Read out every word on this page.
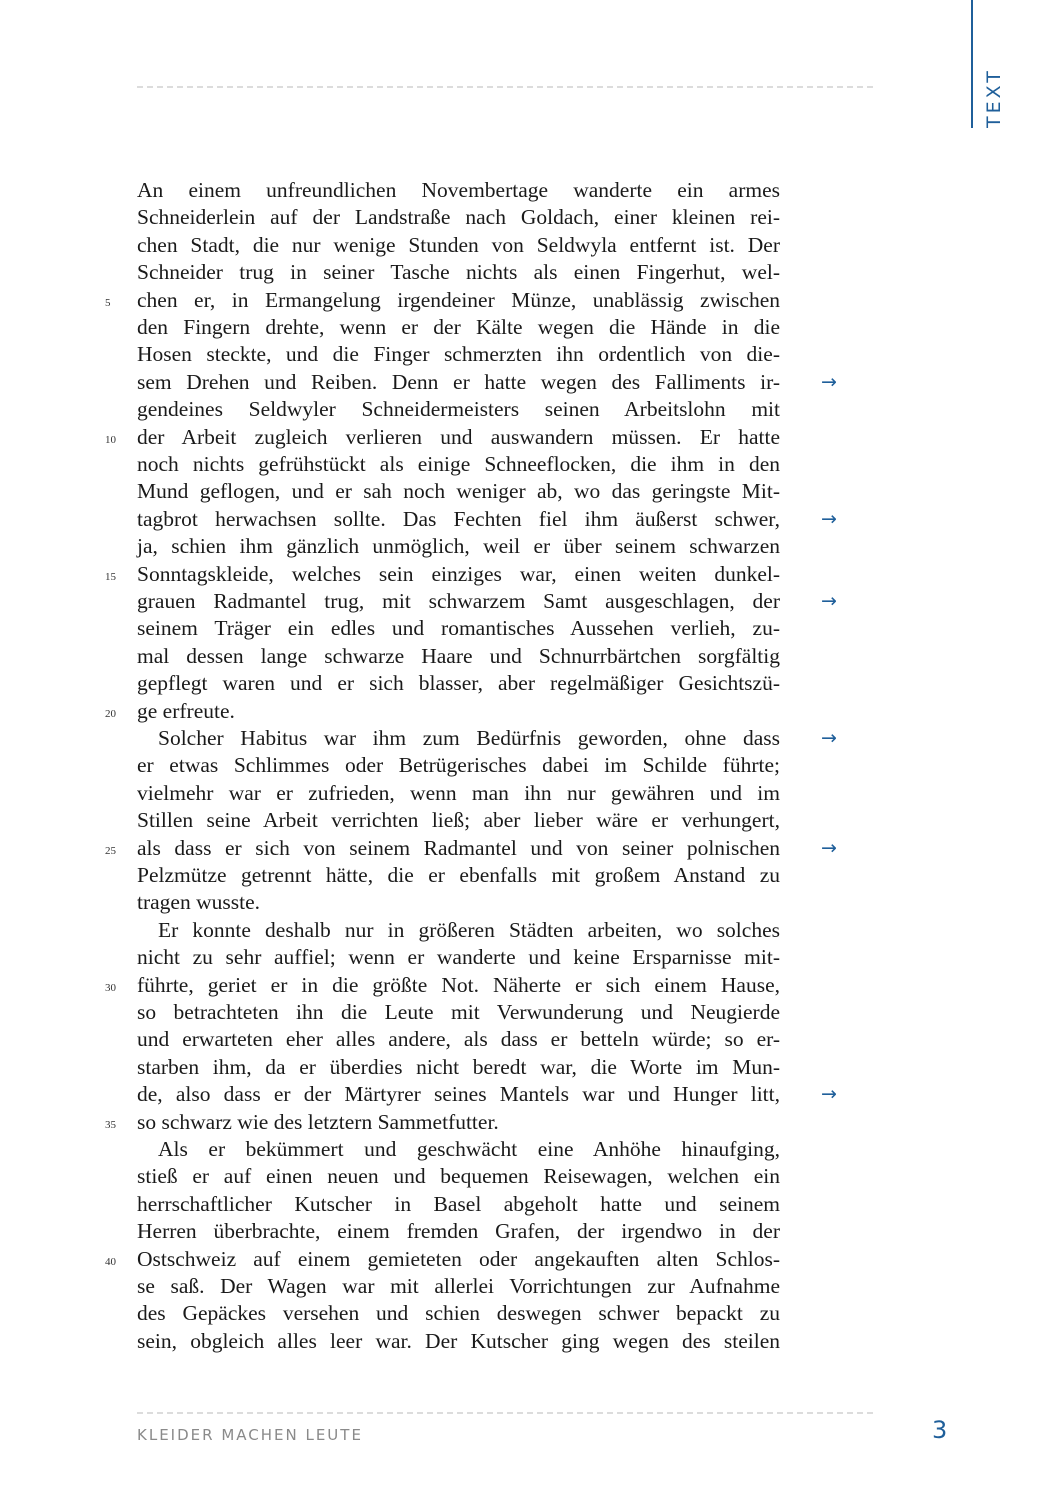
TEXT
An einem unfreundlichen Novembertage wanderte ein armes
Schneiderlein auf der Landstraße nach Goldach, einer kleinen rei-
chen Stadt, die nur wenige Stunden von Seldwyla entfernt ist. Der
Schneider trug in seiner Tasche nichts als einen Fingerhut, wel-
chen er, in Ermangelung irgendeiner Münze, unablässig zwischen
den Fingern drehte, wenn er der Kälte wegen die Hände in die
Hosen steckte, und die Finger schmerzten ihn ordentlich von die-
sem Drehen und Reiben. Denn er hatte wegen des Falliments ir-
gendeines Seldwyler Schneidermeisters seinen Arbeitslohn mit
der Arbeit zugleich verlieren und auswandern müssen. Er hatte
noch nichts gefrühstückt als einige Schneeflocken, die ihm in den
Mund geflogen, und er sah noch weniger ab, wo das geringste Mit-
tagbrot herwachsen sollte. Das Fechten fiel ihm äußerst schwer,
ja, schien ihm gänzlich unmöglich, weil er über seinem schwarzen
Sonntagskleide, welches sein einziges war, einen weiten dunkel-
grauen Radmantel trug, mit schwarzem Samt ausgeschlagen, der
seinem Träger ein edles und romantisches Aussehen verlieh, zu-
mal dessen lange schwarze Haare und Schnurrbärtchen sorgfältig
gepflegt waren und er sich blasser, aber regelmäßiger Gesichtszü-
ge erfreute.
Solcher Habitus war ihm zum Bedürfnis geworden, ohne dass
er etwas Schlimmes oder Betrügerisches dabei im Schilde führte;
vielmehr war er zufrieden, wenn man ihn nur gewähren und im
Stillen seine Arbeit verrichten ließ; aber lieber wäre er verhungert,
als dass er sich von seinem Radmantel und von seiner polnischen
Pelzmütze getrennt hätte, die er ebenfalls mit großem Anstand zu
tragen wusste.
Er konnte deshalb nur in größeren Städten arbeiten, wo solches
nicht zu sehr auffiel; wenn er wanderte und keine Ersparnisse mit-
führte, geriet er in die größte Not. Näherte er sich einem Hause,
so betrachteten ihn die Leute mit Verwunderung und Neugierde
und erwarteten eher alles andere, als dass er betteln würde; so er-
starben ihm, da er überdies nicht beredt war, die Worte im Mun-
de, also dass er der Märtyrer seines Mantels war und Hunger litt,
so schwarz wie des letztern Sammetfutter.
Als er bekümmert und geschwächt eine Anhöhe hinaufging,
stieß er auf einen neuen und bequemen Reisewagen, welchen ein
herrschaftlicher Kutscher in Basel abgeholt hatte und seinem
Herren überbrachte, einem fremden Grafen, der irgendwo in der
Ostschweiz auf einem gemieteten oder angekauften alten Schlos-
se saß. Der Wagen war mit allerlei Vorrichtungen zur Aufnahme
des Gepäckes versehen und schien deswegen schwer bepackt zu
sein, obgleich alles leer war. Der Kutscher ging wegen des steilen
5
10
15
20
25
30
35
40
→
→
→
→
→
→
KLEIDER MACHEN LEUTE	3
